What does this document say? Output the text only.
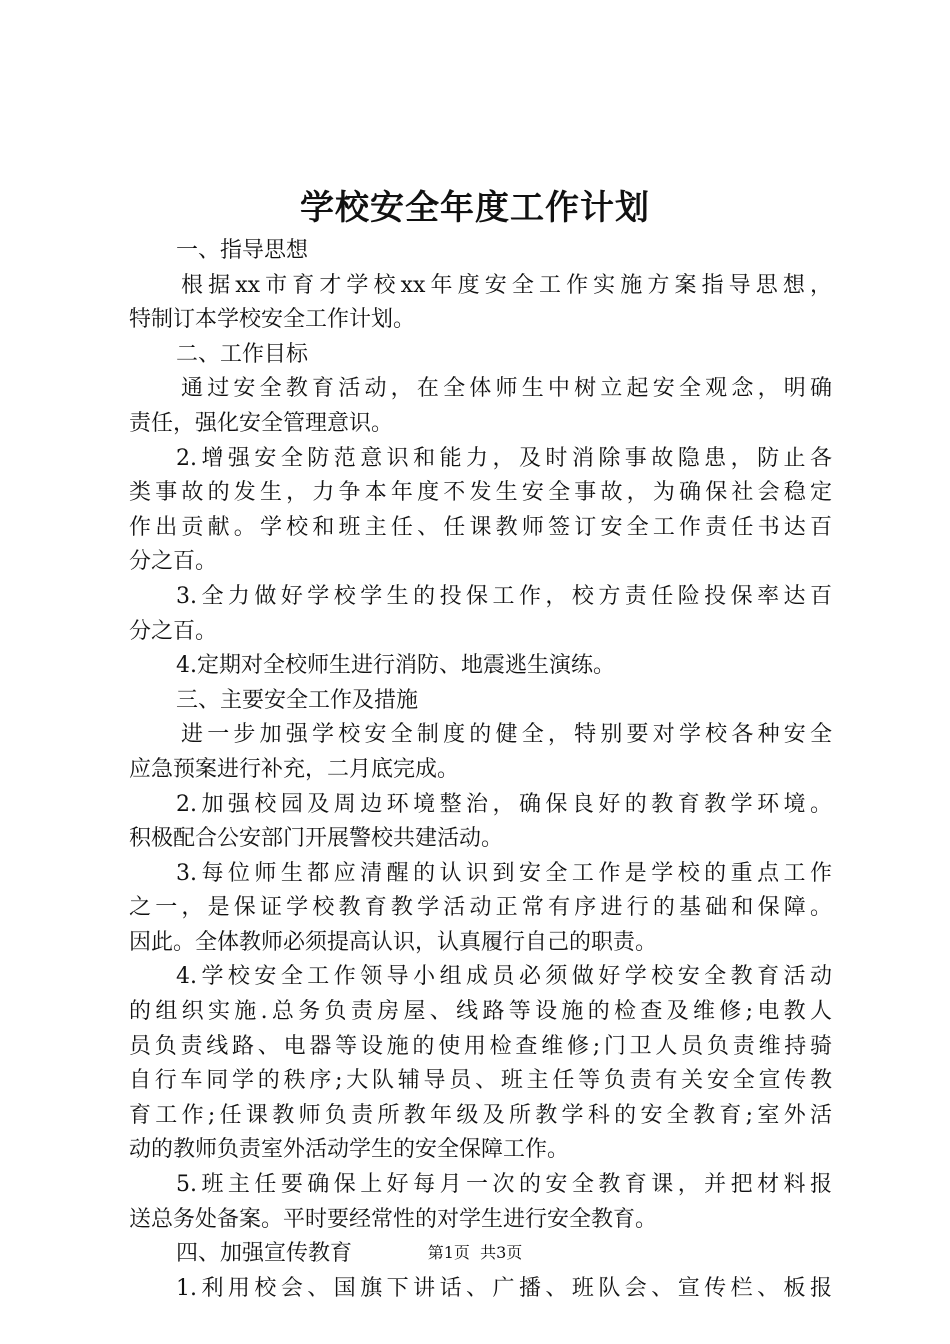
学校安全年度工作计划
一、指导思想
根据xx市育才学校xx年度安全工作实施方案指导思想，
特制订本学校安全工作计划。
二、工作目标
通过安全教育活动，在全体师生中树立起安全观念，明确
责任，强化安全管理意识。
2.增强安全防范意识和能力，及时消除事故隐患，防止各
类事故的发生，力争本年度不发生安全事故，为确保社会稳定
作出贡献。学校和班主任、任课教师签订安全工作责任书达百
分之百。
3.全力做好学校学生的投保工作，校方责任险投保率达百
分之百。
4.定期对全校师生进行消防、地震逃生演练。
三、主要安全工作及措施
进一步加强学校安全制度的健全，特别要对学校各种安全
应急预案进行补充，二月底完成。
2.加强校园及周边环境整治，确保良好的教育教学环境。
积极配合公安部门开展警校共建活动。
3.每位师生都应清醒的认识到安全工作是学校的重点工作
之一，是保证学校教育教学活动正常有序进行的基础和保障。
因此。全体教师必须提高认识，认真履行自己的职责。
4.学校安全工作领导小组成员必须做好学校安全教育活动
的组织实施.总务负责房屋、线路等设施的检查及维修;电教人
员负责线路、电器等设施的使用检查维修;门卫人员负责维持骑
自行车同学的秩序;大队辅导员、班主任等负责有关安全宣传教
育工作;任课教师负责所教年级及所教学科的安全教育;室外活
动的教师负责室外活动学生的安全保障工作。
5.班主任要确保上好每月一次的安全教育课，并把材料报
送总务处备案。平时要经常性的对学生进行安全教育。
四、加强宣传教育
1.利用校会、国旗下讲话、广播、班队会、宣传栏、板报
第1页 共3页
